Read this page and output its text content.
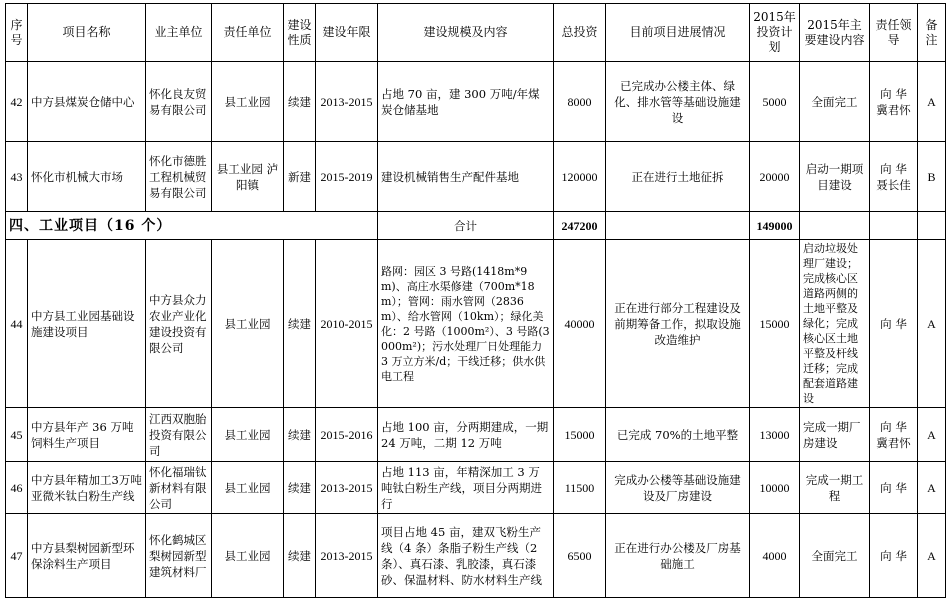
序号	项目名称	业主单位	责任单位	建设性质	建设年限	建设规模及内容	总投资	目前项目进展情况	2015年投资计划	2015年主要建设内容	责任领导	备注
42	中方县煤炭仓储中心	怀化良友贸易有限公司	县工业园	续建	2013-2015	占地 70 亩，建 300 万吨/年煤炭仓储基地	8000	已完成办公楼主体、绿化、排水管等基础设施建设	5000	全面完工	向 华 冀君怀	A
43	怀化市机械大市场	怀化市德胜工程机械贸易有限公司	县工业园 泸阳镇	新建	2015-2019	建设机械销售生产配件基地	120000	正在进行土地征拆	20000	启动一期项目建设	向 华 聂长佳	B
四、工业项目（16 个）						合计	247200		149000			
44	中方县工业园基础设施建设项目	中方县众力农业产业化建设投资有限公司	县工业园	续建	2010-2015	路网：园区 3 号路(1418m*9m)、高庄水渠修建（700m*18m）；管网：雨水管网（2836m）、给水管网（10km）；绿化美化：2 号路（1000m²）、3 号路(3000m²)；污水处理厂日处理能力 3 万立方米/d；干线迁移；供水供电工程	40000	正在进行部分工程建设及前期筹备工作，拟取设施改造维护	15000	启动垃圾处理厂建设；完成核心区道路两侧的土地平整及绿化；完成核心区土地平整及杆线迁移；完成配套道路建设	向 华	A
45	中方县年产 36 万吨饲料生产项目	江西双胞胎投资有限公司	县工业园	续建	2015-2016	占地 100 亩，分两期建成，一期 24 万吨，二期 12 万吨	15000	已完成 70%的土地平整	13000	完成一期厂房建设	向 华 冀君怀	A
46	中方县年精加工3万吨亚微米钛白粉生产线	怀化福瑞钛新材料有限公司	县工业园	续建	2013-2015	占地 113 亩，年精深加工 3 万吨钛白粉生产线，项目分两期进行	11500	完成办公楼等基础设施建设及厂房建设	10000	完成一期工程	向 华	A
47	中方县梨树园新型环保涂料生产项目	怀化鹤城区梨树园新型建筑材料厂	县工业园	续建	2013-2015	项目占地 45 亩，建双飞粉生产线（4 条）条脂子粉生产线（2 条）、真石漆、乳胶漆，真石漆砂、保温材料、防水材料生产线	6500	正在进行办公楼及厂房基础施工	4000	全面完工	向 华	A
